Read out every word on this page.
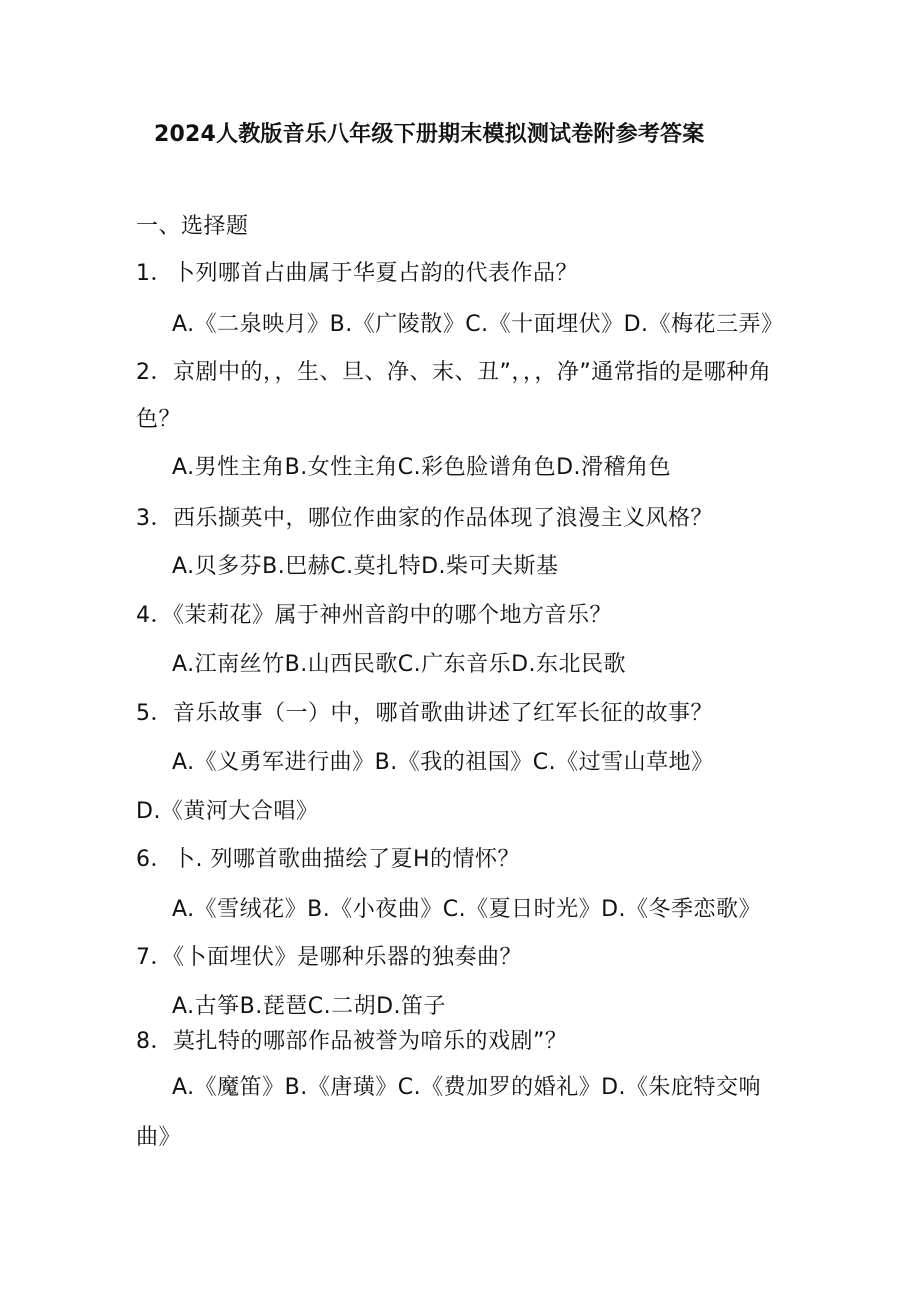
2024人教版音乐八年级下册期末模拟测试卷附参考答案
一、选择题
1．卜列哪首占曲属于华夏占韵的代表作品？
A.《二泉映月》B.《广陵散》C.《十面埋伏》D.《梅花三弄》
2．京剧中的，，生、旦、净、末、丑”，，，净”通常指的是哪种角
色？
A.男性主角B.女性主角C.彩色脸谱角色D.滑稽角色
3．西乐撷英中，哪位作曲家的作品体现了浪漫主义风格？
A.贝多芬B.巴赫C.莫扎特D.柴可夫斯基
4．《茉莉花》属于神州音韵中的哪个地方音乐？
A.江南丝竹B.山西民歌C.广东音乐D.东北民歌
5．音乐故事（一）中，哪首歌曲讲述了红军长征的故事？
A.《义勇军进行曲》B.《我的祖国》C.《过雪山草地》
D.《黄河大合唱》
6．卜. 列哪首歌曲描绘了夏H的情怀？
A.《雪绒花》B.《小夜曲》C.《夏日时光》D.《冬季恋歌》
7．《卜面埋伏》是哪种乐器的独奏曲？
A.古筝B.琵琶C.二胡D.笛子
8．莫扎特的哪部作品被誉为喑乐的戏剧”？
A.《魔笛》B.《唐璜》C.《费加罗的婚礼》D.《朱庇特交响
曲》
